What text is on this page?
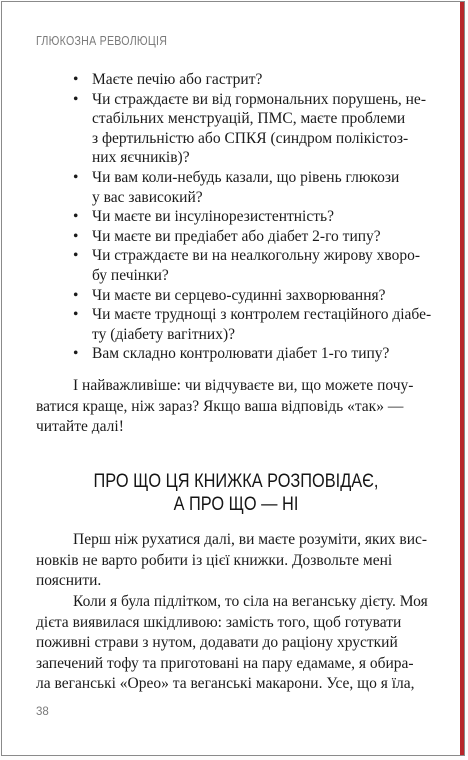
ГЛЮКОЗНА РЕВОЛЮЦІЯ
• Маєте печію або гастрит?
• Чи страждаєте ви від гормональних порушень, не-
стабільних менструацій, ПМС, маєте проблеми
з фертильністю або СПКЯ (синдром полікістоз-
них яєчників)?
• Чи вам коли-небудь казали, що рівень глюкози
у вас зависокий?
• Чи маєте ви інсулінорезистентність?
• Чи маєте ви предіабет або діабет 2-го типу?
• Чи страждаєте ви на неалкогольну жирову хворо-
бу печінки?
• Чи маєте ви серцево-судинні захворювання?
• Чи маєте труднощі з контролем гестаційного діабе-
ту (діабету вагітних)?
• Вам складно контролювати діабет 1-го типу?

І найважливіше: чи відчуваєте ви, що можете почу-
ватися краще, ніж зараз? Якщо ваша відповідь «так» —
читайте далі!

ПРО ЩО ЦЯ КНИЖКА РОЗПОВІДАЄ,
А ПРО ЩО — НІ

Перш ніж рухатися далі, ви маєте розуміти, яких вис-
новків не варто робити із цієї книжки. Дозвольте мені
пояснити.

Коли я була підлітком, то сіла на веганську дієту. Моя
дієта виявилася шкідливою: замість того, щоб готувати
поживні страви з нутом, додавати до раціону хрусткий
запечений тофу та приготовані на пару едамаме, я обира-
ла веганські «Орео» та веганські макарони. Усе, що я їла,

38
